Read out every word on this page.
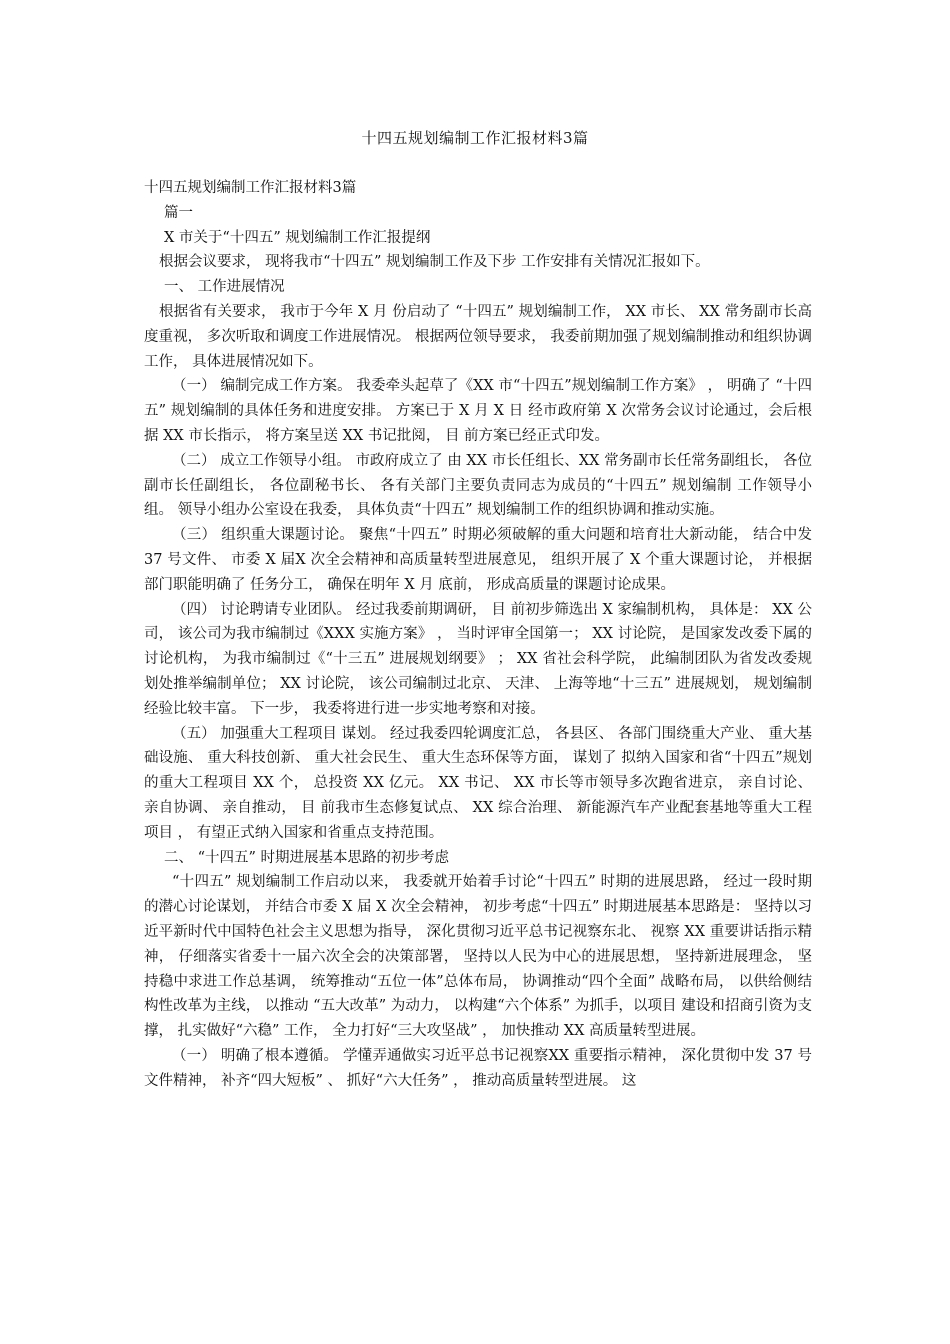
十四五规划编制工作汇报材料3篇

十四五规划编制工作汇报材料3篇

篇一

X 市关于“十四五” 规划编制工作汇报提纲

根据会议要求， 现将我市“十四五” 规划编制工作及下步 工作安排有关情况汇报如下。

一、 工作进展情况

根据省有关要求， 我市于今年 X 月 份启动了 “十四五” 规划编制工作， XX 市长、 XX 常务副市长高度重视， 多次听取和调度工作进展情况。 根据两位领导要求， 我委前期加强了规划编制推动和组织协调工作， 具体进展情况如下。

（一） 编制完成工作方案。 我委牵头起草了《XX 市“十四五”规划编制工作方案》 ， 明确了 “十四五” 规划编制的具体任务和进度安排。 方案已于 X 月 X 日 经市政府第 X 次常务会议讨论通过，会后根据 XX 市长指示， 将方案呈送 XX 书记批阅， 目 前方案已经正式印发。

（二） 成立工作领导小组。 市政府成立了 由 XX 市长任组长、XX 常务副市长任常务副组长， 各位副市长任副组长， 各位副秘书长、 各有关部门主要负责同志为成员的“十四五” 规划编制 工作领导小组。 领导小组办公室设在我委， 具体负责“十四五” 规划编制工作的组织协调和推动实施。

（三） 组织重大课题讨论。 聚焦“十四五” 时期必须破解的重大问题和培育壮大新动能， 结合中发 37 号文件、 市委 X 届X 次全会精神和高质量转型进展意见， 组织开展了 X 个重大课题讨论， 并根据部门职能明确了 任务分工， 确保在明年 X 月 底前， 形成高质量的课题讨论成果。

（四） 讨论聘请专业团队。 经过我委前期调研， 目 前初步筛选出 X 家编制机构， 具体是： XX 公司， 该公司为我市编制过《XXX 实施方案》 ， 当时评审全国第一； XX 讨论院， 是国家发改委下属的讨论机构， 为我市编制过《“十三五” 进展规划纲要》 ； XX 省社会科学院， 此编制团队为省发改委规划处推举编制单位； XX 讨论院， 该公司编制过北京、 天津、 上海等地“十三五” 进展规划， 规划编制经验比较丰富。 下一步， 我委将进行进一步实地考察和对接。

（五） 加强重大工程项目 谋划。 经过我委四轮调度汇总， 各县区、 各部门围绕重大产业、 重大基础设施、 重大科技创新、 重大社会民生、 重大生态环保等方面， 谋划了 拟纳入国家和省“十四五”规划的重大工程项目 XX 个， 总投资 XX 亿元。 XX 书记、 XX 市长等市领导多次跑省进京， 亲自讨论、 亲自协调、 亲自推动， 目 前我市生态修复试点、 XX 综合治理、 新能源汽车产业配套基地等重大工程项目 ， 有望正式纳入国家和省重点支持范围。

二、 “十四五” 时期进展基本思路的初步考虑

“十四五” 规划编制工作启动以来， 我委就开始着手讨论“十四五” 时期的进展思路， 经过一段时期的潜心讨论谋划， 并结合市委 X 届 X 次全会精神， 初步考虑“十四五” 时期进展基本思路是： 坚持以习近平新时代中国特色社会主义思想为指导， 深化贯彻习近平总书记视察东北、 视察 XX 重要讲话指示精神， 仔细落实省委十一届六次全会的决策部署， 坚持以人民为中心的进展思想， 坚持新进展理念， 坚持稳中求进工作总基调， 统筹推动“五位一体”总体布局， 协调推动“四个全面” 战略布局， 以供给侧结构性改革为主线， 以推动 “五大改革” 为动力， 以构建“六个体系” 为抓手，以项目 建设和招商引资为支撑， 扎实做好“六稳” 工作， 全力打好“三大攻坚战” ， 加快推动 XX 高质量转型进展。

（一） 明确了根本遵循。 学懂弄通做实习近平总书记视察XX 重要指示精神， 深化贯彻中发 37 号文件精神， 补齐“四大短板” 、 抓好“六大任务” ， 推动高质量转型进展。 这
